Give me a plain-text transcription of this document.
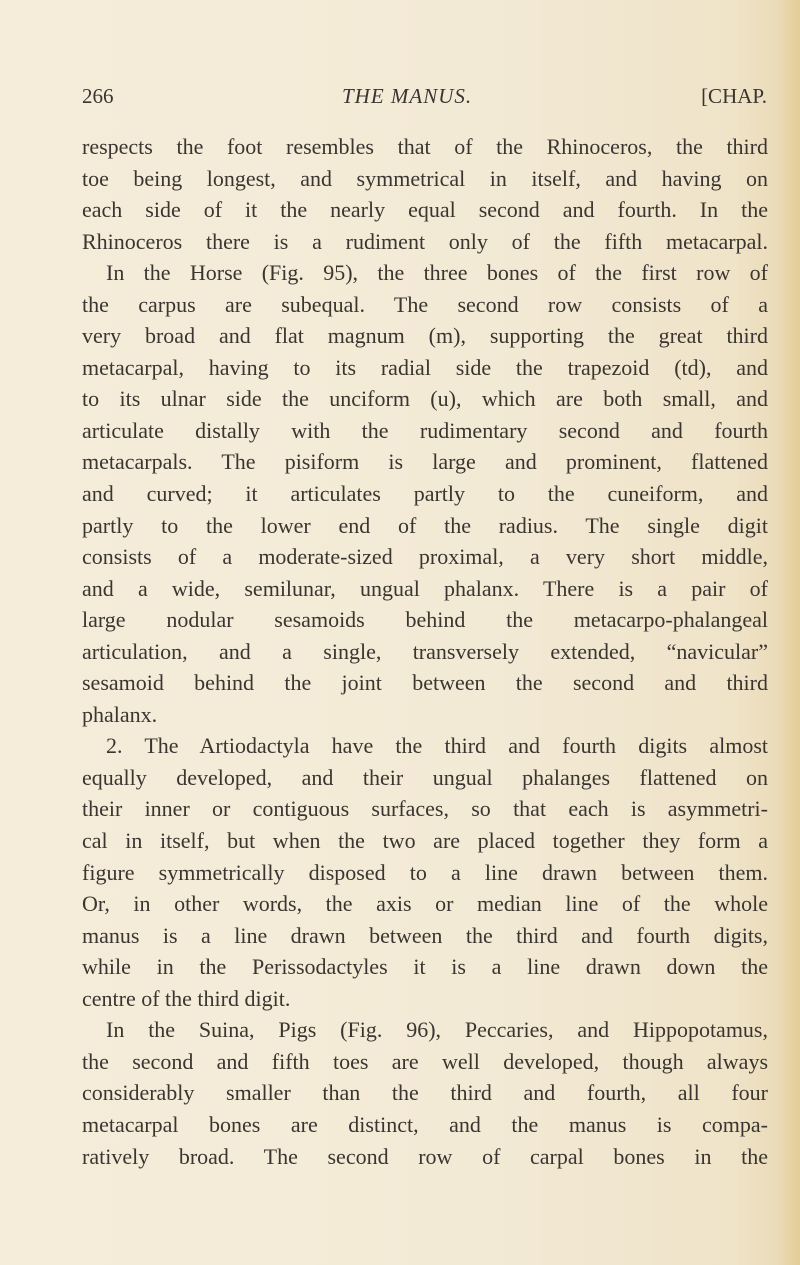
266	THE MANUS.	[CHAP.
respects the foot resembles that of the Rhinoceros, the third
toe being longest, and symmetrical in itself, and having on
each side of it the nearly equal second and fourth. In the
Rhinoceros there is a rudiment only of the fifth metacarpal.
In the Horse (Fig. 95), the three bones of the first row of
the carpus are subequal. The second row consists of a
very broad and flat magnum (m), supporting the great third
metacarpal, having to its radial side the trapezoid (td), and
to its ulnar side the unciform (u), which are both small, and
articulate distally with the rudimentary second and fourth
metacarpals. The pisiform is large and prominent, flattened
and curved; it articulates partly to the cuneiform, and
partly to the lower end of the radius. The single digit
consists of a moderate-sized proximal, a very short middle,
and a wide, semilunar, ungual phalanx. There is a pair of
large nodular sesamoids behind the metacarpo-phalangeal
articulation, and a single, transversely extended, “navicular”
sesamoid behind the joint between the second and third
phalanx.
2. The Artiodactyla have the third and fourth digits almost
equally developed, and their ungual phalanges flattened on
their inner or contiguous surfaces, so that each is asymmetri-
cal in itself, but when the two are placed together they form a
figure symmetrically disposed to a line drawn between them.
Or, in other words, the axis or median line of the whole
manus is a line drawn between the third and fourth digits,
while in the Perissodactyles it is a line drawn down the
centre of the third digit.
In the Suina, Pigs (Fig. 96), Peccaries, and Hippopotamus,
the second and fifth toes are well developed, though always
considerably smaller than the third and fourth, all four
metacarpal bones are distinct, and the manus is compa-
ratively broad. The second row of carpal bones in the
